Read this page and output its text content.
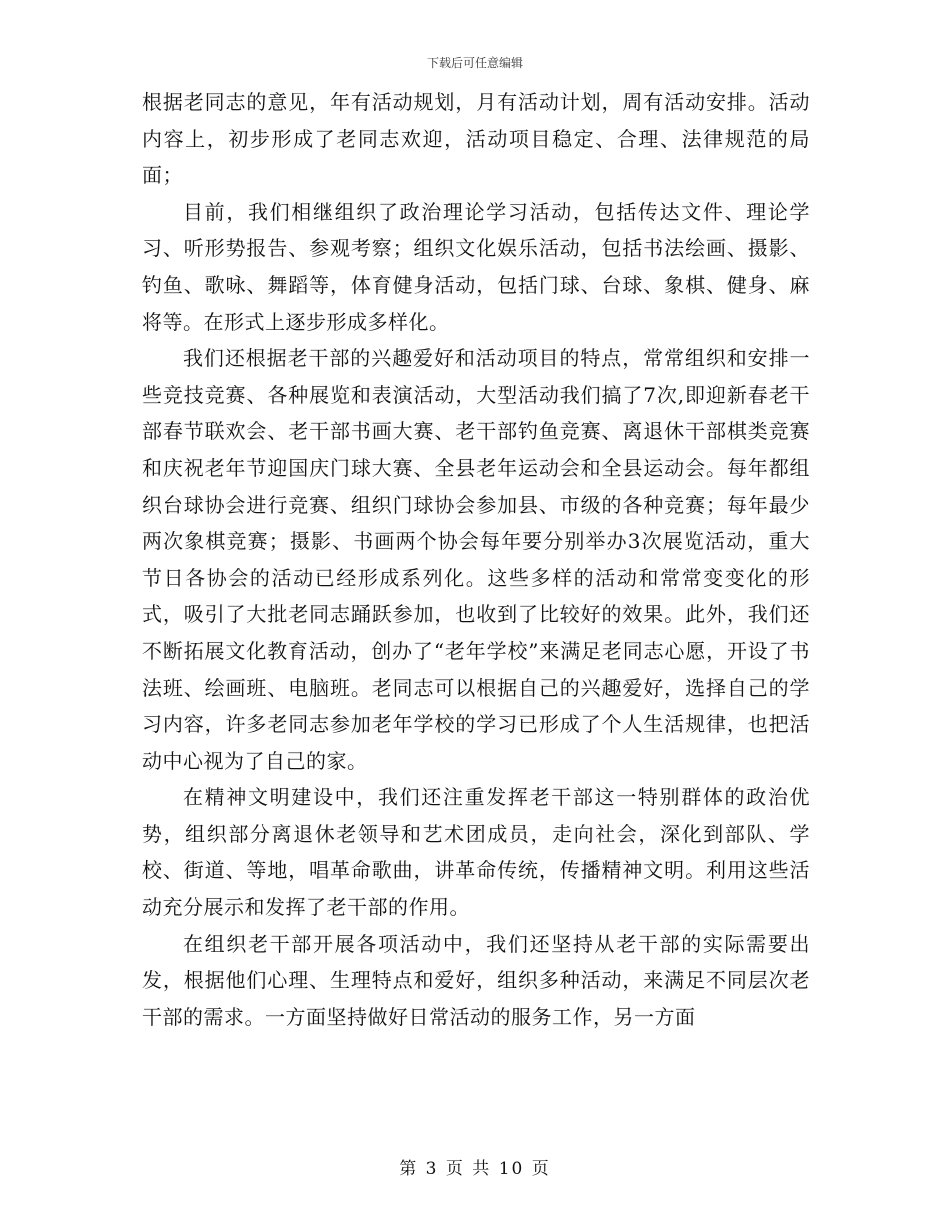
下载后可任意编辑

根据老同志的意见，年有活动规划，月有活动计划，周有活动安排。活动内容上，初步形成了老同志欢迎，活动项目稳定、合理、法律规范的局面；

目前，我们相继组织了政治理论学习活动，包括传达文件、理论学习、听形势报告、参观考察；组织文化娱乐活动，包括书法绘画、摄影、钓鱼、歌咏、舞蹈等，体育健身活动，包括门球、台球、象棋、健身、麻将等。在形式上逐步形成多样化。

我们还根据老干部的兴趣爱好和活动项目的特点，常常组织和安排一些竞技竞赛、各种展览和表演活动，大型活动我们搞了7次,即迎新春老干部春节联欢会、老干部书画大赛、老干部钓鱼竞赛、离退休干部棋类竞赛和庆祝老年节迎国庆门球大赛、全县老年运动会和全县运动会。每年都组织台球协会进行竞赛、组织门球协会参加县、市级的各种竞赛；每年最少两次象棋竞赛；摄影、书画两个协会每年要分别举办3次展览活动，重大节日各协会的活动已经形成系列化。这些多样的活动和常常变变化的形式，吸引了大批老同志踊跃参加，也收到了比较好的效果。此外，我们还不断拓展文化教育活动，创办了“老年学校”来满足老同志心愿，开设了书法班、绘画班、电脑班。老同志可以根据自己的兴趣爱好，选择自己的学习内容，许多老同志参加老年学校的学习已形成了个人生活规律，也把活动中心视为了自己的家。

在精神文明建设中，我们还注重发挥老干部这一特别群体的政治优势，组织部分离退休老领导和艺术团成员，走向社会，深化到部队、学校、街道、等地，唱革命歌曲，讲革命传统，传播精神文明。利用这些活动充分展示和发挥了老干部的作用。

在组织老干部开展各项活动中，我们还坚持从老干部的实际需要出发，根据他们心理、生理特点和爱好，组织多种活动，来满足不同层次老干部的需求。一方面坚持做好日常活动的服务工作，另一方面

第 3 页 共 10 页
